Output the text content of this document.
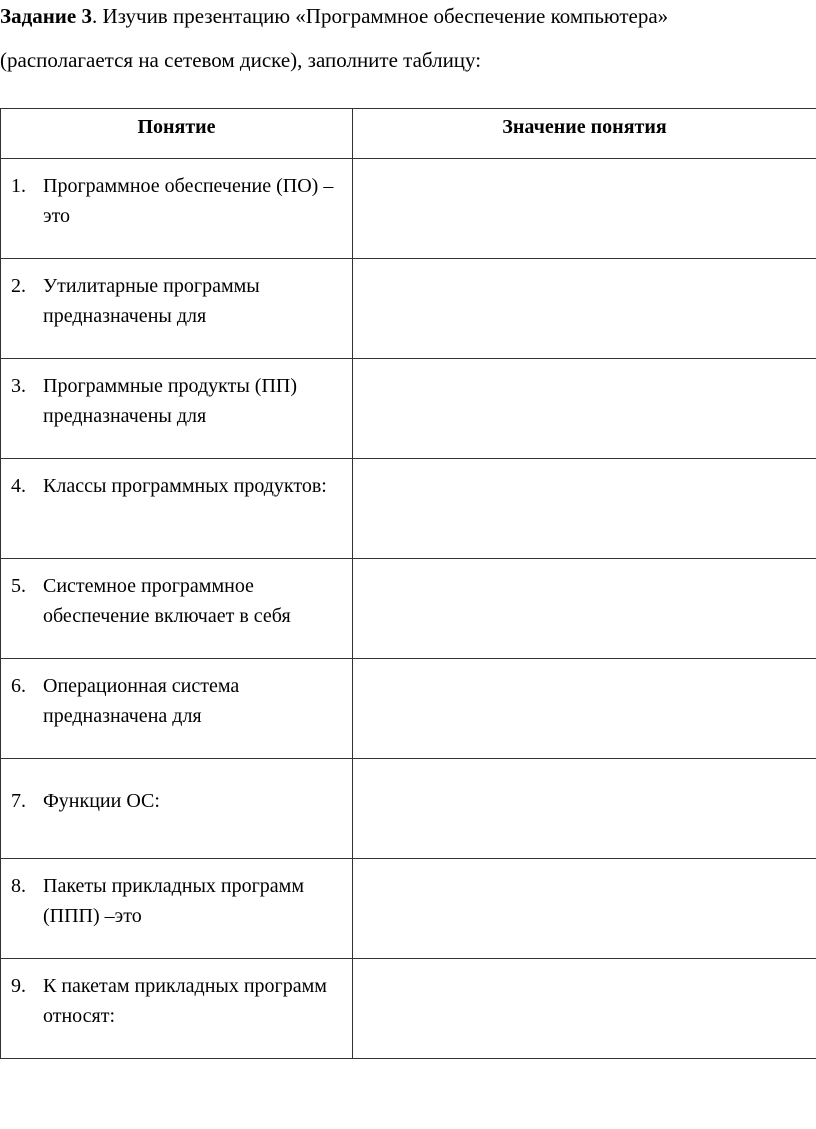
Задание 3. Изучив презентацию «Программное обеспечение компьютера»

(располагается на сетевом диске), заполните таблицу:

Понятие	Значение понятия

1. Программное обеспечение (ПО) – это	

2. Утилитарные программы предназначены для	

3. Программные продукты (ПП) предназначены для	

4. Классы программных продуктов:	

5. Системное программное обеспечение включает в себя	

6. Операционная система предназначена для	

7. Функции ОС:	

8. Пакеты прикладных программ (ППП) –это	

9. К пакетам прикладных программ относят:	
